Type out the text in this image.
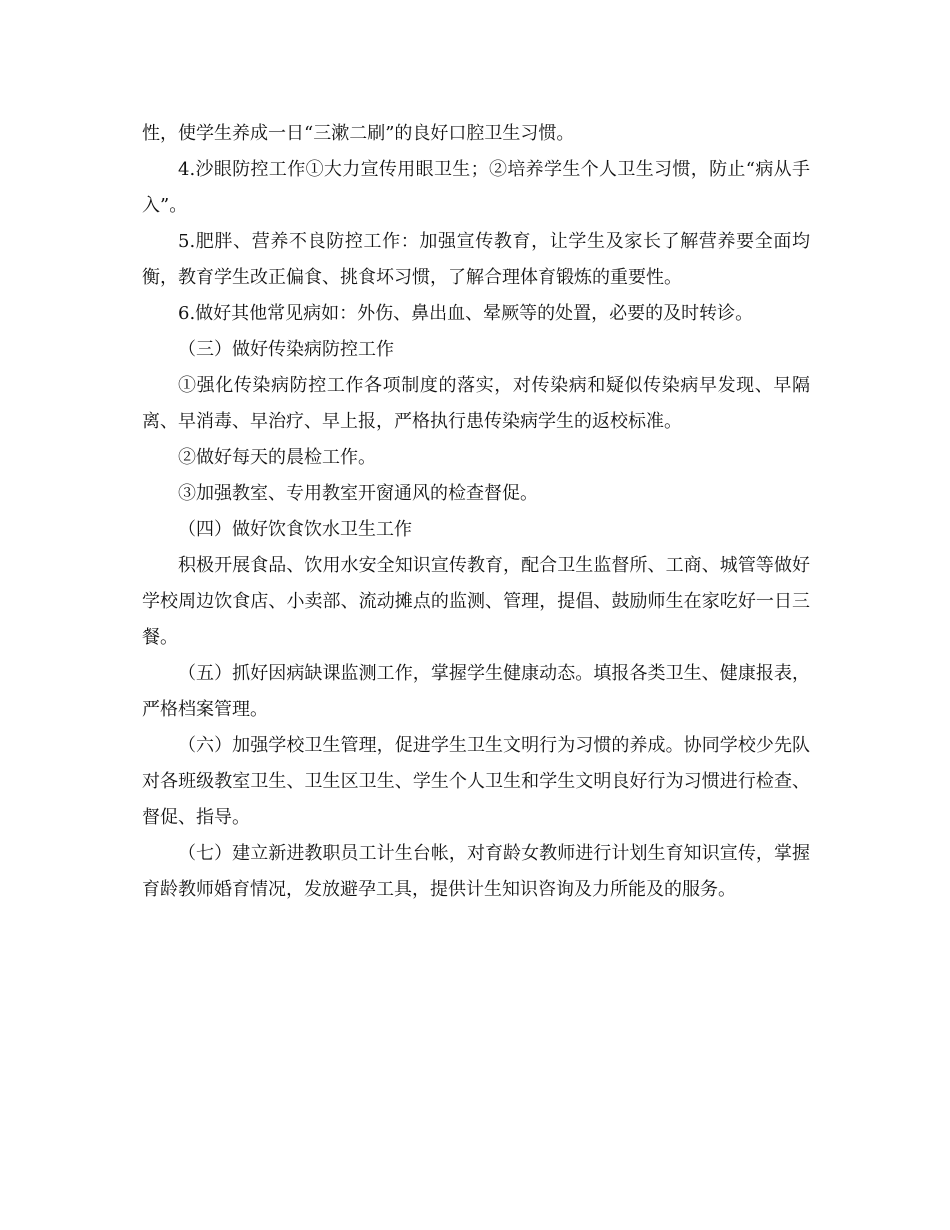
性，使学生养成一日“三漱二刷”的良好口腔卫生习惯。

4.沙眼防控工作①大力宣传用眼卫生；②培养学生个人卫生习惯，防止“病从手入”。

5.肥胖、营养不良防控工作：加强宣传教育，让学生及家长了解营养要全面均衡，教育学生改正偏食、挑食坏习惯，了解合理体育锻炼的重要性。

6.做好其他常见病如：外伤、鼻出血、晕厥等的处置，必要的及时转诊。

（三）做好传染病防控工作

①强化传染病防控工作各项制度的落实，对传染病和疑似传染病早发现、早隔离、早消毒、早治疗、早上报，严格执行患传染病学生的返校标准。

②做好每天的晨检工作。

③加强教室、专用教室开窗通风的检查督促。

（四）做好饮食饮水卫生工作

积极开展食品、饮用水安全知识宣传教育，配合卫生监督所、工商、城管等做好学校周边饮食店、小卖部、流动摊点的监测、管理，提倡、鼓励师生在家吃好一日三餐。

（五）抓好因病缺课监测工作，掌握学生健康动态。填报各类卫生、健康报表，严格档案管理。

（六）加强学校卫生管理，促进学生卫生文明行为习惯的养成。协同学校少先队对各班级教室卫生、卫生区卫生、学生个人卫生和学生文明良好行为习惯进行检查、督促、指导。

（七）建立新进教职员工计生台帐，对育龄女教师进行计划生育知识宣传，掌握育龄教师婚育情况，发放避孕工具，提供计生知识咨询及力所能及的服务。
